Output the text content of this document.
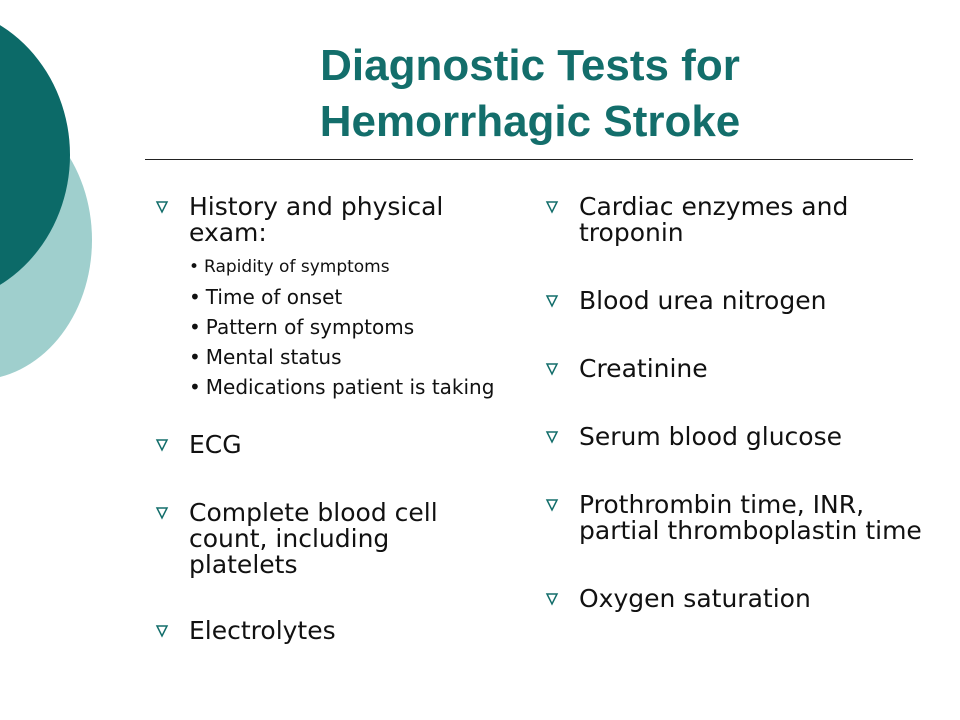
Diagnostic Tests for
Hemorrhagic Stroke
History and physical exam:
• Rapidity of symptoms
• Time of onset
• Pattern of symptoms
• Mental status
• Medications patient is taking
ECG
Complete blood cell count, including platelets
Electrolytes
Cardiac enzymes and troponin
Blood urea nitrogen
Creatinine
Serum blood glucose
Prothrombin time, INR, partial thromboplastin time
Oxygen saturation
